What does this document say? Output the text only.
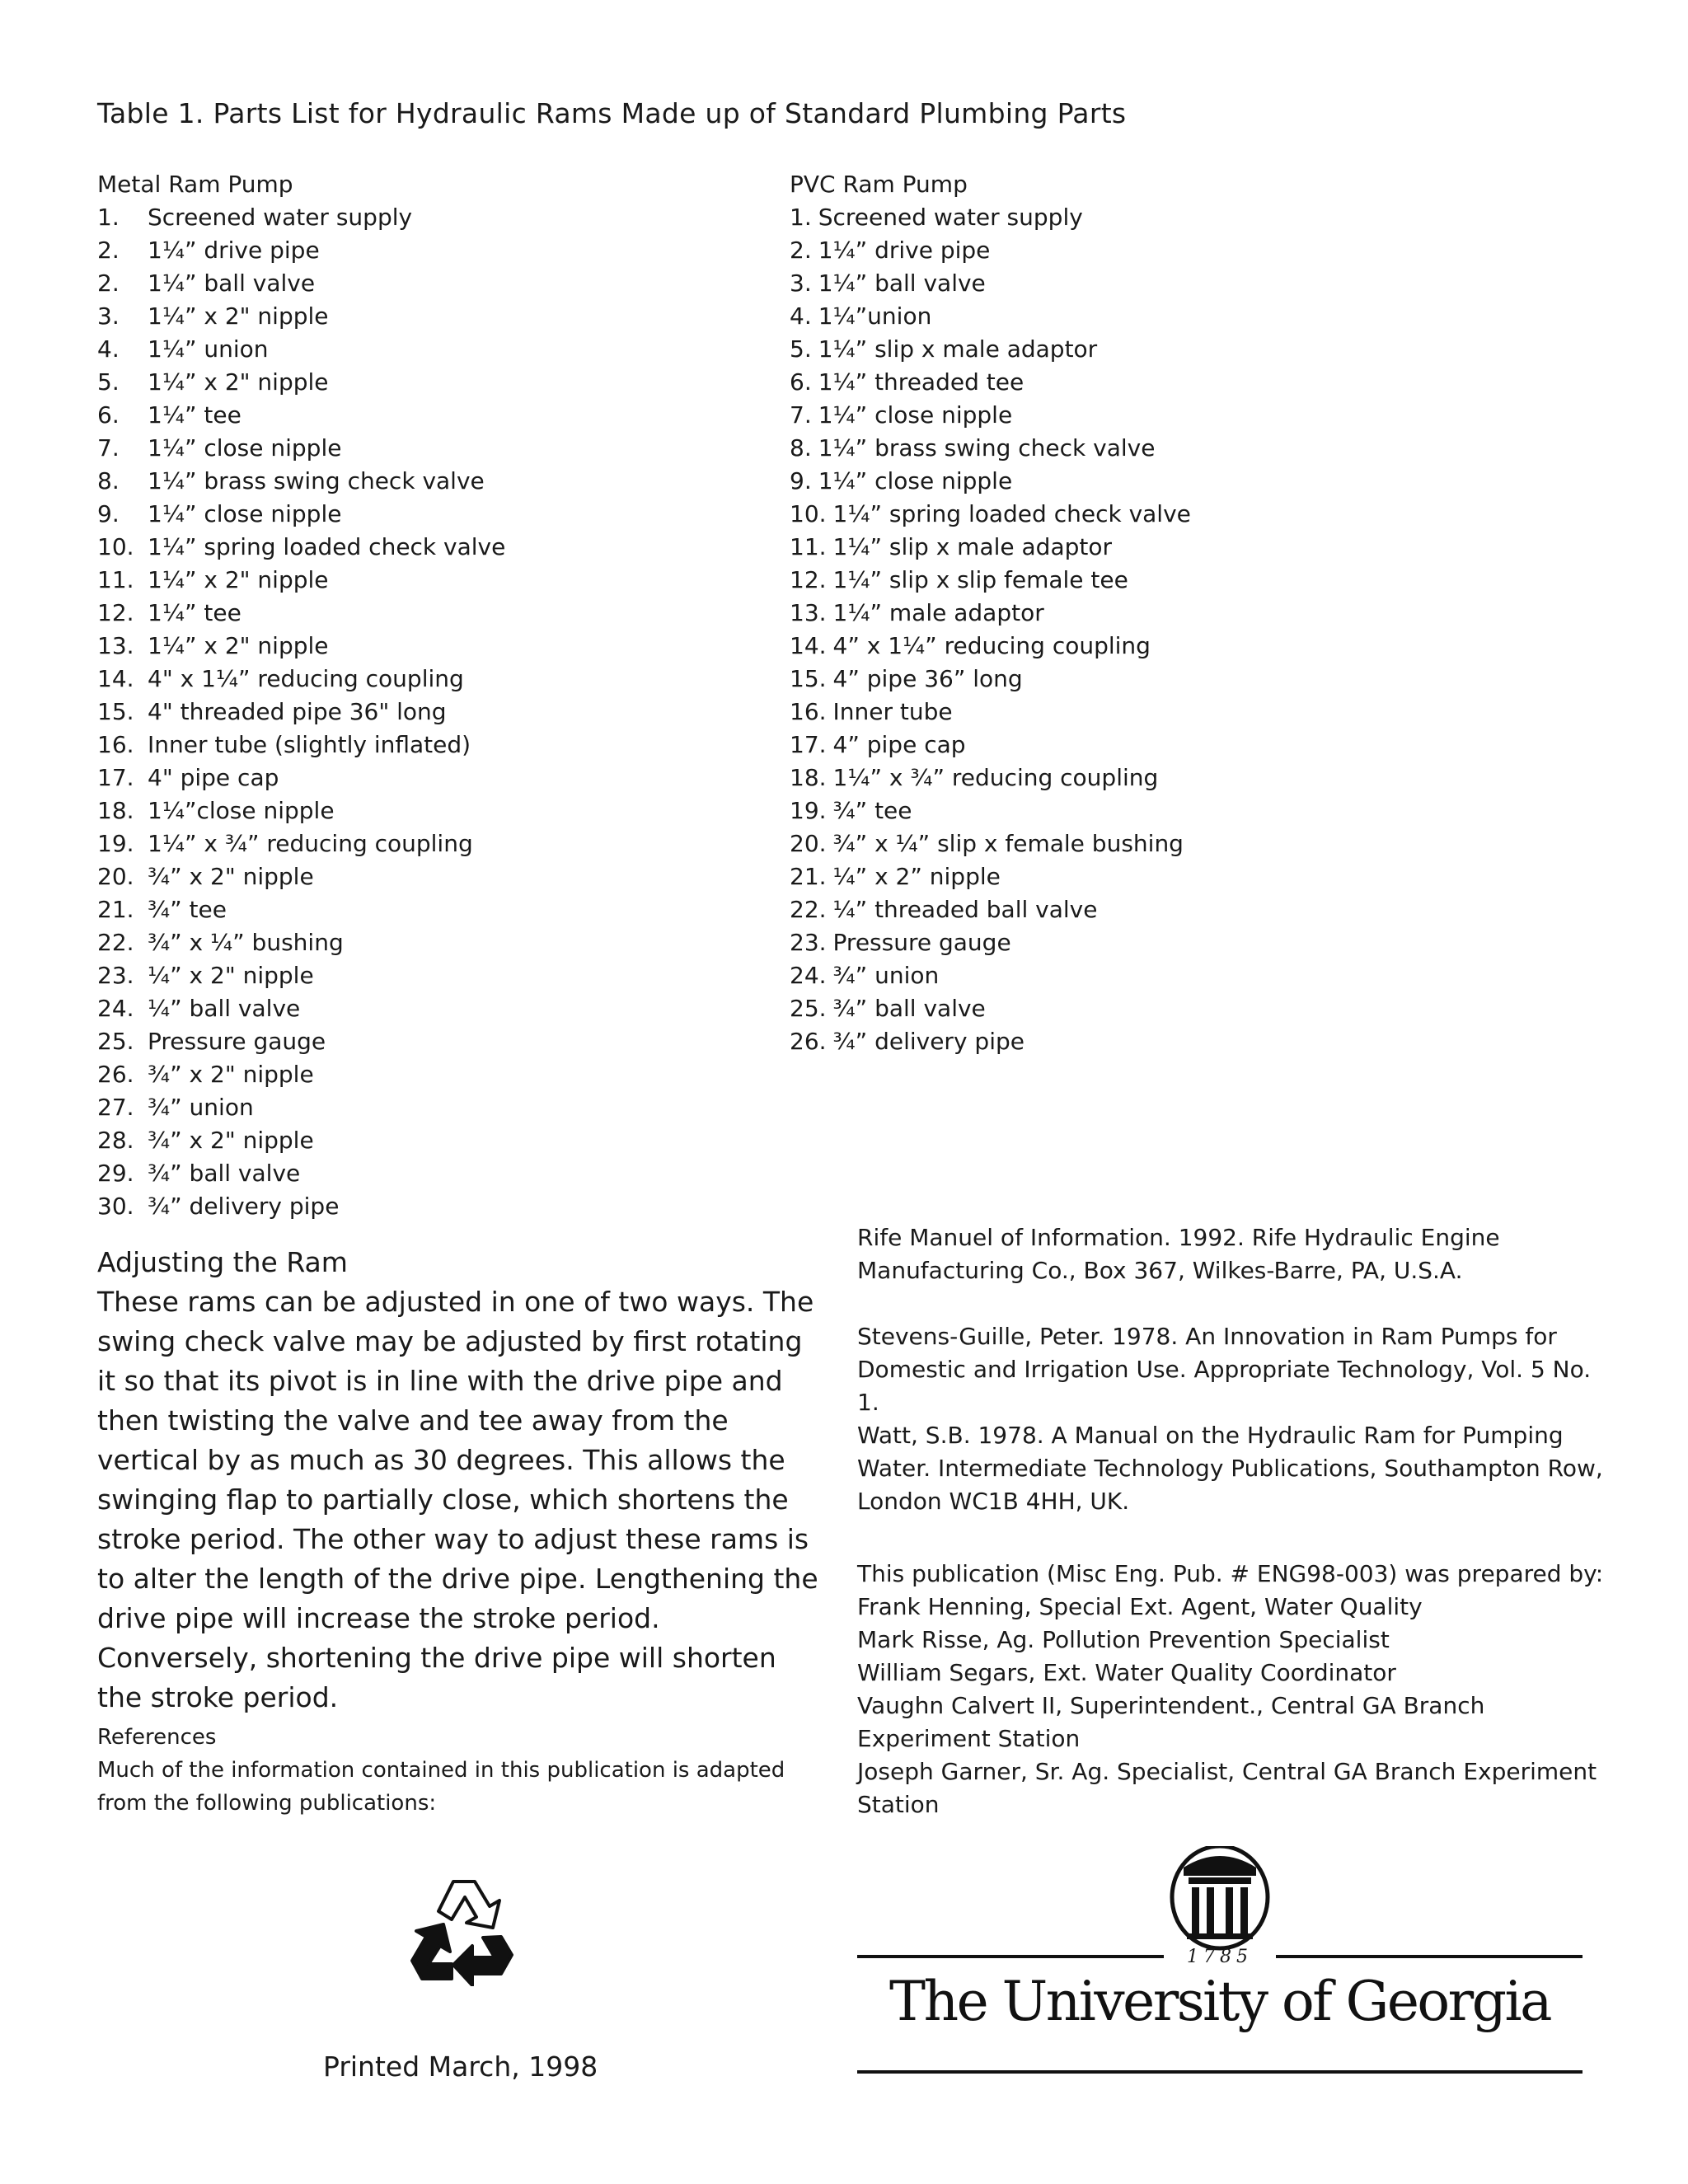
Table 1. Parts List for Hydraulic Rams Made up of Standard Plumbing Parts
Metal Ram Pump
1. Screened water supply
2. 1¼” drive pipe
2. 1¼” ball valve
3. 1¼” x 2" nipple
4. 1¼” union
5. 1¼” x 2" nipple
6. 1¼” tee
7. 1¼” close nipple
8. 1¼” brass swing check valve
9. 1¼” close nipple
10. 1¼” spring loaded check valve
11. 1¼” x 2" nipple
12. 1¼” tee
13. 1¼” x 2" nipple
14. 4" x 1¼” reducing coupling
15. 4" threaded pipe 36" long
16. Inner tube (slightly inflated)
17. 4" pipe cap
18. 1¼”close nipple
19. 1¼” x ¾” reducing coupling
20. ¾” x 2" nipple
21. ¾” tee
22. ¾” x ¼” bushing
23. ¼” x 2" nipple
24. ¼” ball valve
25. Pressure gauge
26. ¾” x 2" nipple
27. ¾” union
28. ¾” x 2" nipple
29. ¾” ball valve
30. ¾” delivery pipe
PVC Ram Pump
1. Screened water supply
2. 1¼” drive pipe
3. 1¼” ball valve
4. 1¼”union
5. 1¼” slip x male adaptor
6. 1¼” threaded tee
7. 1¼” close nipple
8. 1¼” brass swing check valve
9. 1¼” close nipple
10. 1¼” spring loaded check valve
11. 1¼” slip x male adaptor
12. 1¼” slip x slip female tee
13. 1¼” male adaptor
14. 4” x 1¼” reducing coupling
15. 4” pipe 36” long
16. Inner tube
17. 4” pipe cap
18. 1¼” x ¾” reducing coupling
19. ¾” tee
20. ¾” x ¼” slip x female bushing
21. ¼” x 2” nipple
22. ¼” threaded ball valve
23. Pressure gauge
24. ¾” union
25. ¾” ball valve
26. ¾” delivery pipe
Adjusting the Ram

These rams can be adjusted in one of two ways. The swing check valve may be adjusted by first rotating it so that its pivot is in line with the drive pipe and then twisting the valve and tee away from the vertical by as much as 30 degrees. This allows the swinging flap to partially close, which shortens the stroke period. The other way to adjust these rams is to alter the length of the drive pipe. Lengthening the drive pipe will increase the stroke period. Conversely, shortening the drive pipe will shorten the stroke period.

References

Much of the information contained in this publication is adapted from the following publications:

Rife Manuel of Information. 1992. Rife Hydraulic Engine Manufacturing Co., Box 367, Wilkes-Barre, PA, U.S.A.

Stevens-Guille, Peter. 1978. An Innovation in Ram Pumps for Domestic and Irrigation Use. Appropriate Technology, Vol. 5 No. 1.

Watt, S.B. 1978. A Manual on the Hydraulic Ram for Pumping Water. Intermediate Technology Publications, Southampton Row, London WC1B 4HH, UK.

This publication (Misc Eng. Pub. # ENG98-003) was prepared by:
Frank Henning, Special Ext. Agent, Water Quality
Mark Risse, Ag. Pollution Prevention Specialist
William Segars, Ext. Water Quality Coordinator
Vaughn Calvert II, Superintendent., Central GA Branch Experiment Station
Joseph Garner, Sr. Ag. Specialist, Central GA Branch Experiment Station
Printed March, 1998
1785
The University of Georgia
